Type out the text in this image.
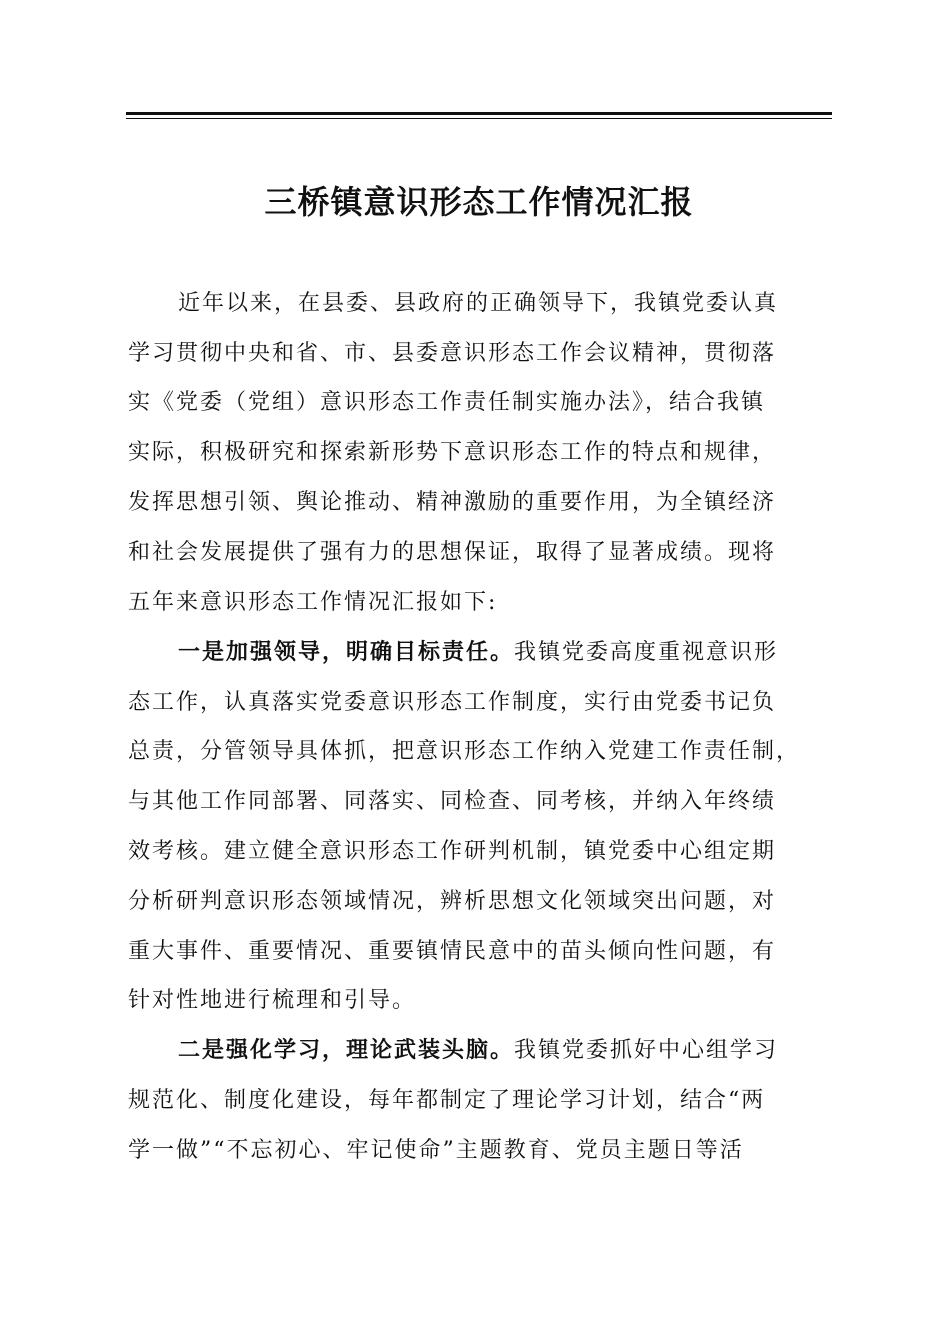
三桥镇意识形态工作情况汇报
近年以来，在县委、县政府的正确领导下，我镇党委认真
学习贯彻中央和省、市、县委意识形态工作会议精神，贯彻落
实《党委（党组）意识形态工作责任制实施办法》，结合我镇
实际，积极研究和探索新形势下意识形态工作的特点和规律，
发挥思想引领、舆论推动、精神激励的重要作用，为全镇经济
和社会发展提供了强有力的思想保证，取得了显著成绩。现将
五年来意识形态工作情况汇报如下:
一是加强领导，明确目标责任。我镇党委高度重视意识形
态工作，认真落实党委意识形态工作制度，实行由党委书记负
总责，分管领导具体抓，把意识形态工作纳入党建工作责任制，
与其他工作同部署、同落实、同检查、同考核，并纳入年终绩
效考核。建立健全意识形态工作研判机制，镇党委中心组定期
分析研判意识形态领域情况，辨析思想文化领域突出问题，对
重大事件、重要情况、重要镇情民意中的苗头倾向性问题，有
针对性地进行梳理和引导。
二是强化学习，理论武装头脑。我镇党委抓好中心组学习
规范化、制度化建设，每年都制定了理论学习计划，结合“两
学一做”“不忘初心、牢记使命”主题教育、党员主题日等活
